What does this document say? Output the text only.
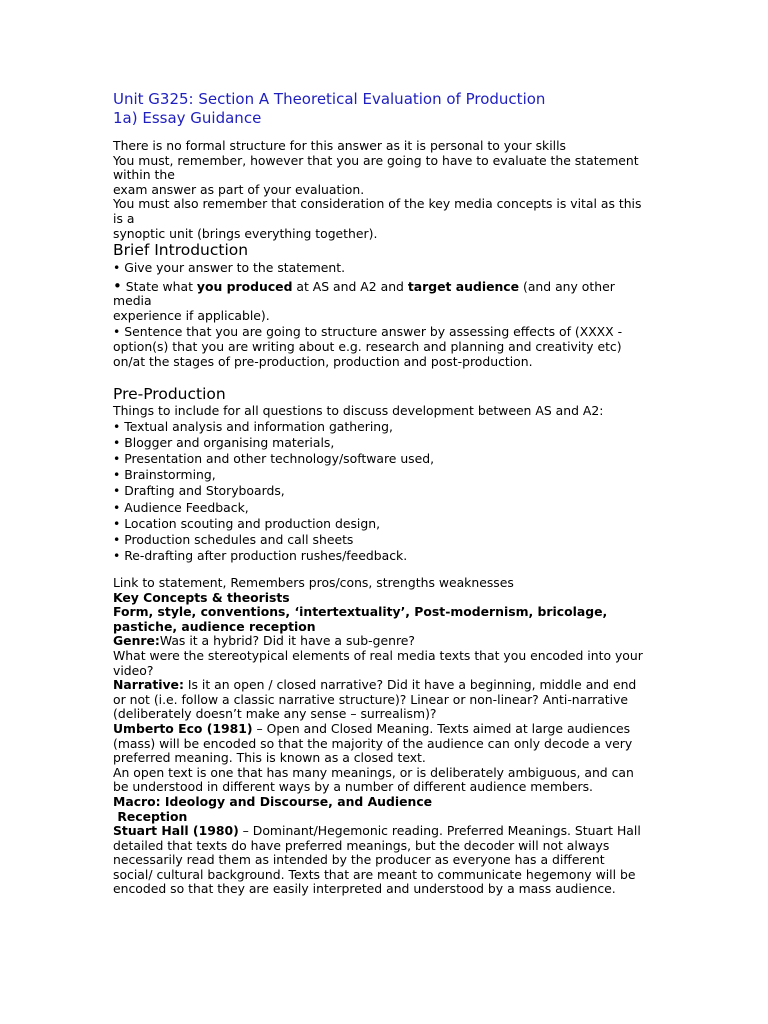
Unit G325: Section A Theoretical Evaluation of Production
1a) Essay Guidance
There is no formal structure for this answer as it is personal to your skills
You must, remember, however that you are going to have to evaluate the statement
within the
exam answer as part of your evaluation.
You must also remember that consideration of the key media concepts is vital as this
is a
synoptic unit (brings everything together).
Brief Introduction
• Give your answer to the statement.
• State what you produced at AS and A2 and target audience (and any other
media
experience if applicable).
• Sentence that you are going to structure answer by assessing effects of (XXXX -
option(s) that you are writing about e.g. research and planning and creativity etc)
on/at the stages of pre-production, production and post-production.
Pre-Production
Things to include for all questions to discuss development between AS and A2:
• Textual analysis and information gathering,
• Blogger and organising materials,
• Presentation and other technology/software used,
• Brainstorming,
• Drafting and Storyboards,
• Audience Feedback,
• Location scouting and production design,
• Production schedules and call sheets
• Re-drafting after production rushes/feedback.
Link to statement, Remembers pros/cons, strengths weaknesses
Key Concepts & theorists
Form, style, conventions, ‘intertextuality’, Post-modernism, bricolage,
pastiche, audience reception
Genre:Was it a hybrid? Did it have a sub-genre?
What were the stereotypical elements of real media texts that you encoded into your
video?
Narrative: Is it an open / closed narrative? Did it have a beginning, middle and end
or not (i.e. follow a classic narrative structure)? Linear or non-linear? Anti-narrative
(deliberately doesn’t make any sense – surrealism)?
Umberto Eco (1981) – Open and Closed Meaning. Texts aimed at large audiences
(mass) will be encoded so that the majority of the audience can only decode a very
preferred meaning. This is known as a closed text.
An open text is one that has many meanings, or is deliberately ambiguous, and can
be understood in different ways by a number of different audience members.
Macro: Ideology and Discourse, and Audience
Reception
Stuart Hall (1980) – Dominant/Hegemonic reading. Preferred Meanings. Stuart Hall
detailed that texts do have preferred meanings, but the decoder will not always
necessarily read them as intended by the producer as everyone has a different
social/ cultural background. Texts that are meant to communicate hegemony will be
encoded so that they are easily interpreted and understood by a mass audience.
